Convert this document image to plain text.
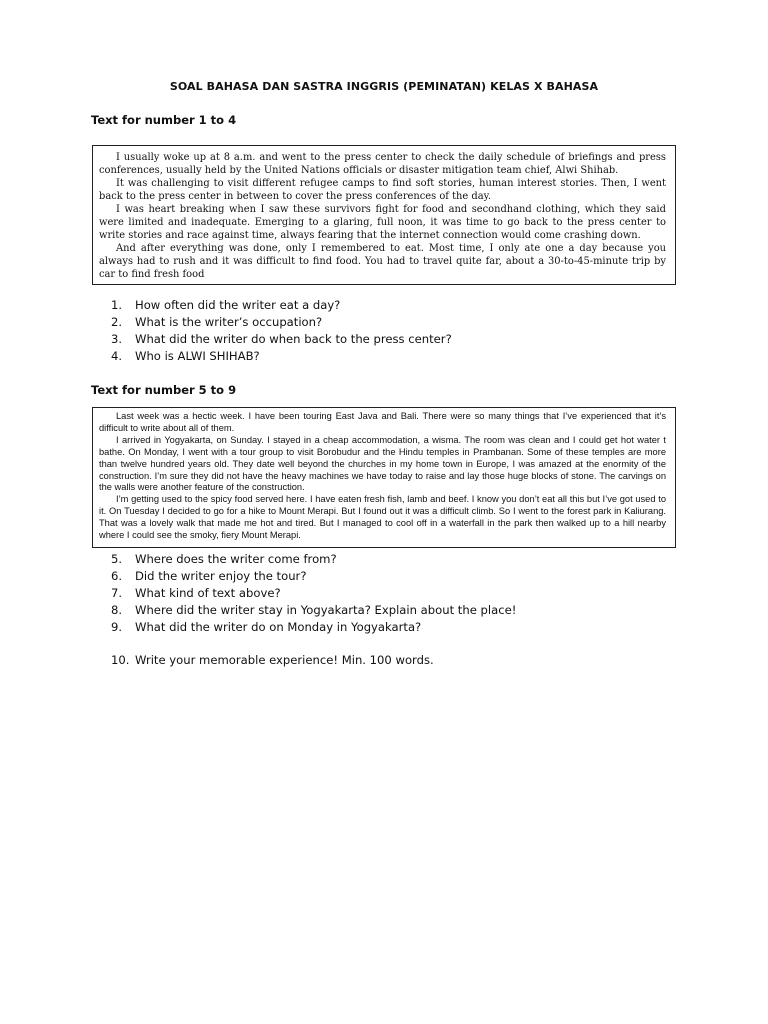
SOAL BAHASA DAN SASTRA INGGRIS (PEMINATAN) KELAS X BAHASA
Text for number 1 to 4

I usually woke up at 8 a.m. and went to the press center to check the daily schedule of briefings and press conferences, usually held by the United Nations officials or disaster mitigation team chief, Alwi Shihab.

It was challenging to visit different refugee camps to find soft stories, human interest stories. Then, I went back to the press center in between to cover the press conferences of the day.

I was heart breaking when I saw these survivors fight for food and secondhand clothing, which they said were limited and inadequate. Emerging to a glaring, full noon, it was time to go back to the press center to write stories and race against time, always fearing that the internet connection would come crashing down.

And after everything was done, only I remembered to eat. Most time, I only ate one a day because you always had to rush and it was difficult to find food. You had to travel quite far, about a 30-to-45-minute trip by car to find fresh food

1. How often did the writer eat a day?
2. What is the writer’s occupation?
3. What did the writer do when back to the press center?
4. Who is ALWI SHIHAB?
Text for number 5 to 9

Last week was a hectic week. I have been touring East Java and Bali. There were so many things that I’ve experienced that it’s difficult to write about all of them.

I arrived in Yogyakarta, on Sunday. I stayed in a cheap accommodation, a wisma. The room was clean and I could get hot water t bathe. On Monday, I went with a tour group to visit Borobudur and the Hindu temples in Prambanan. Some of these temples are more than twelve hundred years old. They date well beyond the churches in my home town in Europe, I was amazed at the enormity of the construction. I’m sure they did not have the heavy machines we have today to raise and lay those huge blocks of stone. The carvings on the walls were another feature of the construction.

I’m getting used to the spicy food served here. I have eaten fresh fish, lamb and beef. I know you don’t eat all this but I’ve got used to it. On Tuesday I decided to go for a hike to Mount Merapi. But I found out it was a difficult climb. So I went to the forest park in Kaliurang. That was a lovely walk that made me hot and tired. But I managed to cool off in a waterfall in the park then walked up to a hill nearby where I could see the smoky, fiery Mount Merapi.

5. Where does the writer come from?
6. Did the writer enjoy the tour?
7. What kind of text above?
8. Where did the writer stay in Yogyakarta? Explain about the place!
9. What did the writer do on Monday in Yogyakarta?
10. Write your memorable experience! Min. 100 words.
